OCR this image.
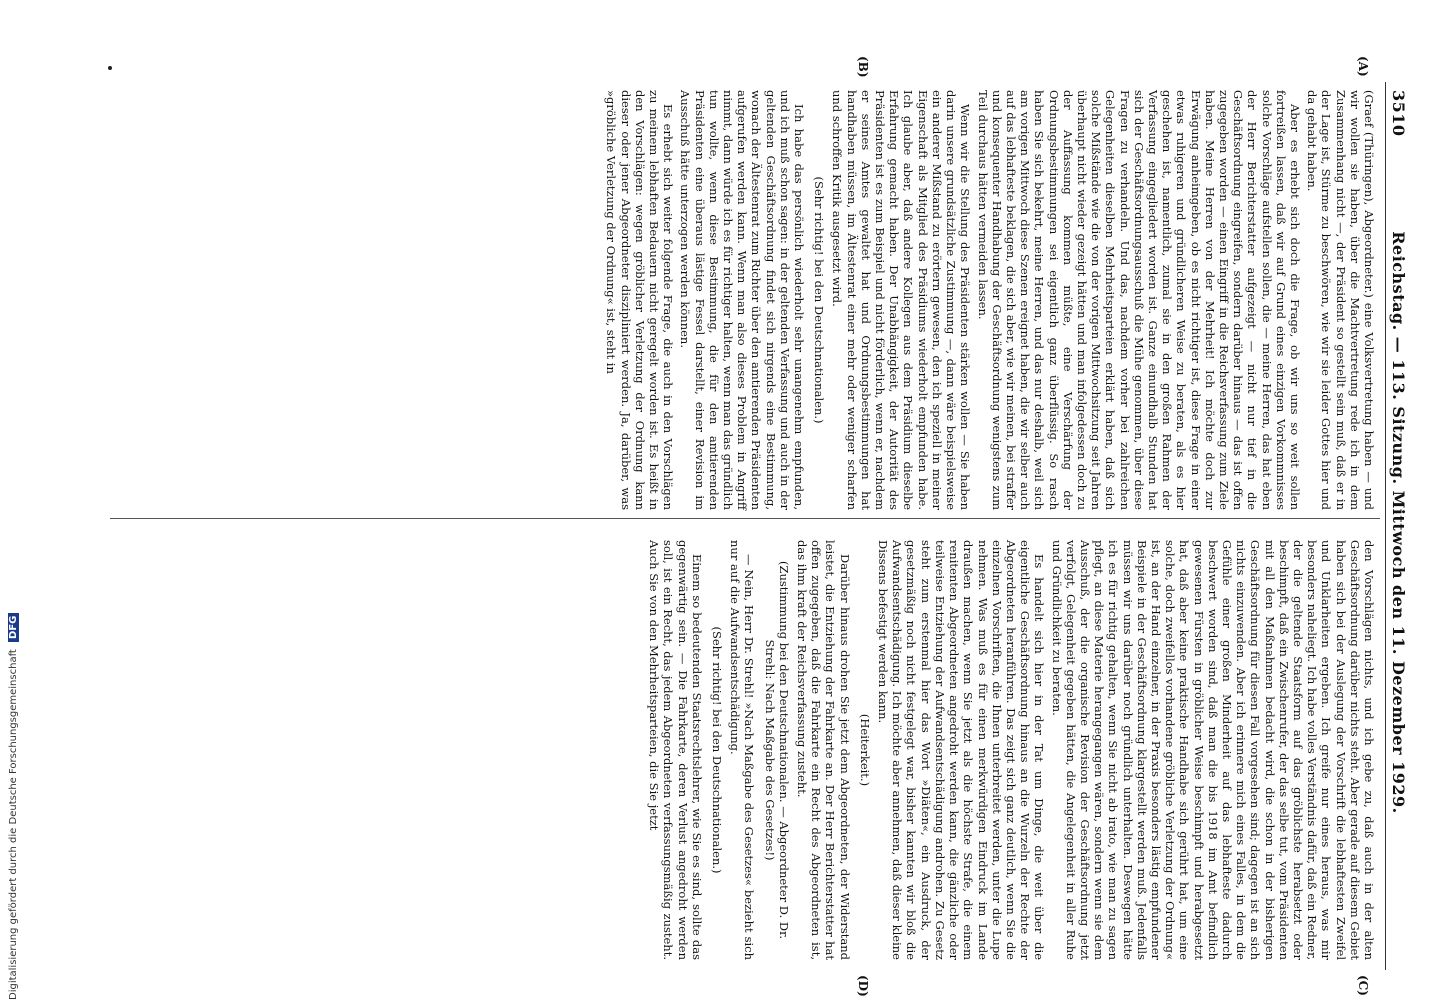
3510
Reichstag. — 113. Sitzung. Mittwoch den 11. Dezember 1929.
(A)
(B)
(C)
(D)

(Graef (Thüringen), Abgeordneter.) eine Volksvertretung haben — und wir wollen sie haben, über die Machtvertretung rede ich in dem Zusammenhang nicht —, der Präsident so gestellt sein muß, daß er in der Lage ist, Stürme zu beschwören, wie wir sie leider Gottes hier und da gehabt haben.

Aber es erhebt sich doch die Frage, ob wir uns so weit sollen fortreißen lassen, daß wir auf Grund eines einzigen Vorkommnisses solche Vorschläge aufstellen sollen, die — meine Herren, das hat eben der Herr Berichterstatter aufgezeigt — nicht nur tief in die Geschäftsordnung eingreifen, sondern darüber hinaus — das ist offen zugegeben worden — einen Eingriff in die Reichsverfassung zum Ziele haben. Meine Herren von der Mehrheit! Ich möchte doch zur Erwägung anheimgeben, ob es nicht richtiger ist, diese Frage in einer etwas ruhigeren und gründlicheren Weise zu beraten, als es hier geschehen ist, namentlich, zumal sie in den großen Rahmen der Verfassung eingegliedert worden ist. Ganze einundhalb Stunden hat sich der Geschäftsordnungsausschuß die Mühe genommen, über diese Fragen zu verhandeln. Und das, nachdem vorher bei zahlreichen Gelegenheiten dieselben Mehrheitsparteien erklärt haben, daß sich solche Mißstände wie die von der vorigen Mittwochsitzung seit Jahren überhaupt nicht wieder gezeigt hätten und man infolgedessen doch zu der Auffassung kommen müßte, eine Verschärfung der Ordnungsbestimmungen sei eigentlich ganz überflüssig. So rasch haben Sie sich bekehrt, meine Herren, und das nur deshalb, weil sich am vorigen Mittwoch diese Szenen ereignet haben, die wir selber auch auf das lebhafteste beklagen, die sich aber, wie wir meinen, bei straffer und konsequenter Handhabung der Geschäftsordnung wenigstens zum Teil durchaus hätten vermeiden lassen.

Wenn wir die Stellung des Präsidenten stärken wollen — Sie haben darin unsere grundsätzliche Zustimmung —, dann wäre beispielsweise ein anderer Mißstand zu erörtern gewesen, den ich speziell in meiner Eigenschaft als Mitglied des Präsidiums wiederholt empfunden habe. Ich glaube aber, daß andere Kollegen aus dem Präsidium dieselbe Erfahrung gemacht haben. Der Unabhängigkeit, der Autorität des Präsidenten ist es zum Beispiel und nicht förderlich, wenn er, nachdem er seines Amtes gewaltet hat und Ordnungsbestimmungen hat handhaben müssen, im Ältestenrat einer mehr oder weniger scharfen und schroffen Kritik ausgesetzt wird.

(Sehr richtig! bei den Deutschnationalen.)

Ich habe das persönlich wiederholt sehr unangenehm empfunden, und ich muß schon sagen: in der geltenden Verfassung und auch in der geltenden Geschäftsordnung findet sich nirgends eine Bestimmung, wonach der Ältestenrat zum Richter über den amtierenden Präsidenten aufgerufen werden kann. Wenn man also dieses Problem in Angriff nimmt, dann würde ich es für richtiger halten, wenn man das gründlich tun wollte, wenn diese Bestimmung, die für den amtierenden Präsidenten eine überaus lästige Fessel darstellt, einer Revision im Ausschuß hätte unterzogen werden können.

Es erhebt sich weiter folgende Frage, die auch in den Vorschlägen zu meinem lebhaften Bedauern nicht geregelt worden ist. Es heißt in den Vorschlägen: wegen gröblicher Verletzung der Ordnung kann dieser oder jener Abgeordneter diszipliniert werden. Ja, darüber, was »gröbliche Verletzung der Ordnung« ist, steht in

den Vorschlägen nichts, und ich gebe zu, daß auch in der alten Geschäftsordnung darüber nichts steht. Aber gerade auf diesem Gebiet haben sich bei der Auslegung der Vorschrift die lebhaftesten Zweifel und Unklarheiten ergeben. Ich greife nur eines heraus, was mir besonders naheliegt. Ich habe volles Verständnis dafür, daß ein Redner, der die geltende Staatsform auf das gröblichste herabsetzt oder beschimpft, daß ein Zwischenrufer, der das selbe tut, vom Präsidenten mit all den Maßnahmen bedacht wird, die schon in der bisherigen Geschäftsordnung für diesen Fall vorgesehen sind; dagegen ist an sich nichts einzuwenden. Aber ich erinnere mich eines Falles, in dem die Gefühle einer großen Minderheit auf das lebhafteste dadurch beschwert worden sind, daß man die bis 1918 im Amt befindlich gewesenen Fürsten in gröblicher Weise beschimpft und herabgesetzt hat, daß aber keine praktische Handhabe sich gerührt hat, um eine solche, doch zweifellos vorhandene gröbliche Verletzung der Ordnung« ist, an der Hand einzelner, in der Praxis besonders lästig empfundener Beispiele in der Geschäftsordnung klargestellt werden muß. Jedenfalls müssen wir uns darüber noch gründlich unterhalten. Deswegen hätte ich es für richtig gehalten, wenn Sie nicht ab irato, wie man zu sagen pflegt, an diese Materie herangegangen wären, sondern wenn sie dem Ausschuß, der die organische Revision der Geschäftsordnung jetzt verfolgt, Gelegenheit gegeben hätten, die Angelegenheit in aller Ruhe und Gründlichkeit zu beraten.

Es handelt sich hier in der Tat um Dinge, die weit über die eigentliche Geschäftsordnung hinaus an die Wurzeln der Rechte der Abgeordneten heranführen. Das zeigt sich ganz deutlich, wenn Sie die einzelnen Vorschriften, die Ihnen unterbreitet werden, unter die Lupe nehmen. Was muß es für einen merkwürdigen Eindruck im Lande draußen machen, wenn Sie jetzt als die höchste Strafe, die einem renitenten Abgeordneten angedroht werden kann, die gänzliche oder teilweise Entziehung der Aufwandsentschädigung androhen. Zu Gesetz steht zum erstenmal hier das Wort »Diäten«, ein Ausdruck, der gesetzmäßig noch nicht festgelegt war, bisher kannten wir bloß die Aufwandsentschädigung. Ich möchte aber annehmen, daß dieser kleine Dissens befestigt werden kann.

(Heiterkeit.)

Darüber hinaus drohen Sie jetzt dem Abgeordneten, der Widerstand leistet, die Entziehung der Fahrkarte an. Der Herr Berichterstatter hat offen zugegeben, daß die Fahrkarte ein Recht des Abgeordneten ist, das ihm kraft der Reichsverfassung zusteht.

(Zustimmung bei den Deutschnationalen. — Abgeordneter D. Dr. Strehl: Nach Maßgabe des Gesetzes!)

— Nein, Herr Dr. Strehl! »Nach Maßgabe des Gesetzes« bezieht sich nur auf die Aufwandsentschädigung.

(Sehr richtig! bei den Deutschnationalen.)

Einem so bedeutenden Staatsrechtslehrer, wie Sie es sind, sollte das gegenwärtig sein. — Die Fahrkarte, deren Verlust angedroht werden soll, ist ein Recht, das jedem Abgeordneten verfassungsmäßig zusteht. Auch Sie von den Mehrheitsparteien, die Sie jetzt

Digitalisierung gefördert durch die Deutsche Forschungsgemeinschaft DFG
